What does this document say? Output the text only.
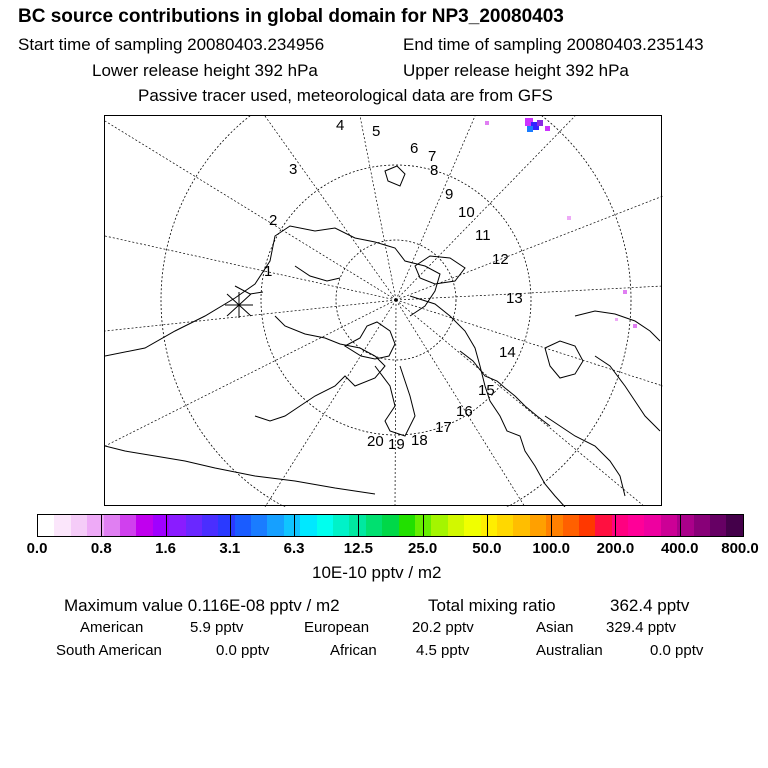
BC source contributions in global domain for NP3_20080403
Start time of sampling 20080403.234956	End time of sampling 20080403.235143
Lower release height 392 hPa	Upper release height 392 hPa
Passive tracer used, meteorological data are from GFS
1
2
3
4 5
6 7
8
9
10
11
12
13
14
15
16
17
18
19
20
0.0	0.8	1.6	3.1	6.3	12.5 25.0 50.0 100.0 200.0 400.0 800.0
10E-10 pptv / m2
Maximum value 0.116E-08 pptv / m2	Total mixing ratio	362.4 pptv
American	5.9 pptv	European	20.2 pptv	Asian 329.4 pptv
South American	0.0 pptv	African	4.5 pptv	Australian	0.0 pptv
